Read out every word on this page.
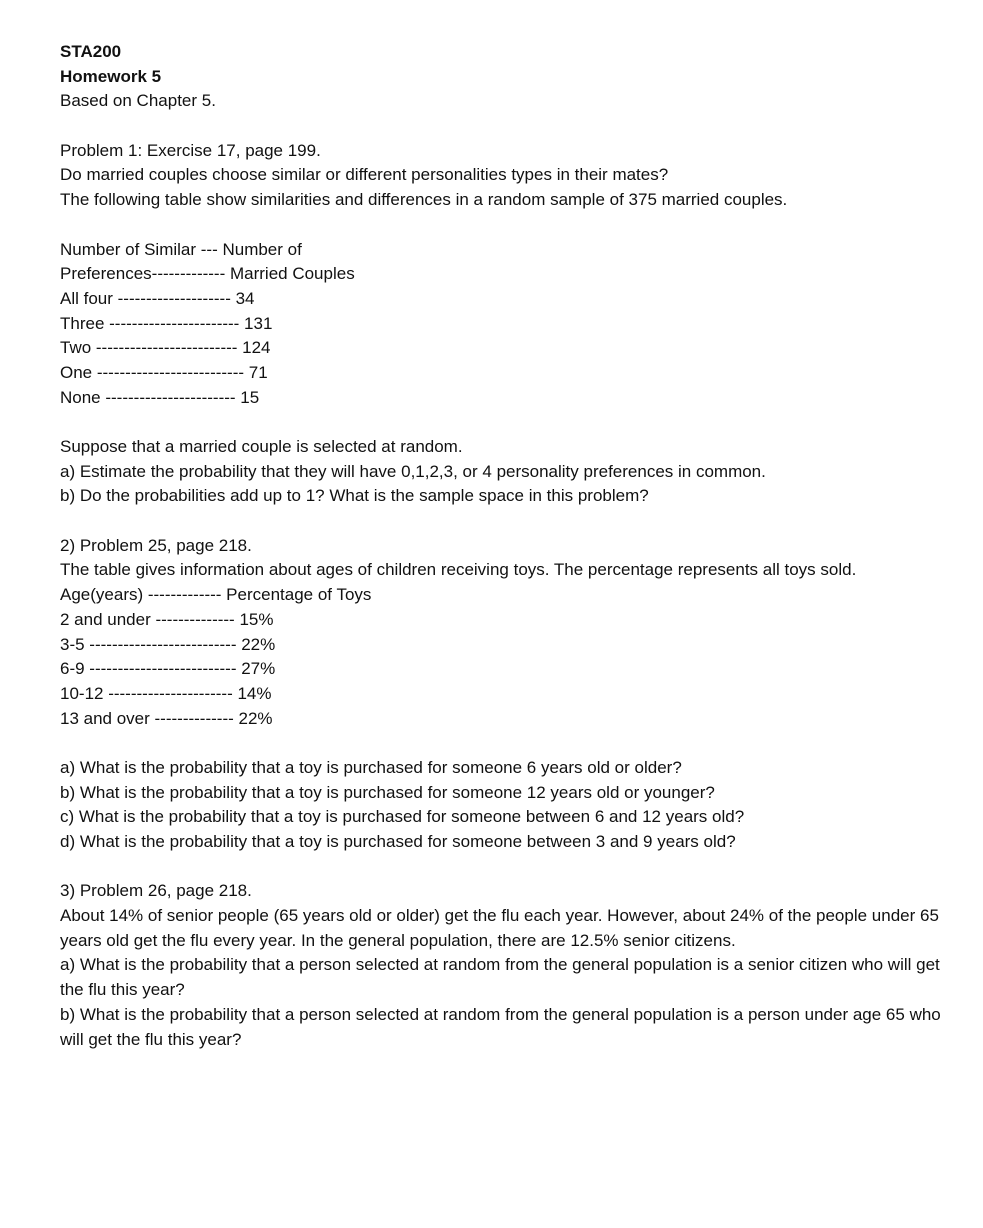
STA200
Homework 5
Based on Chapter 5.
Problem 1: Exercise 17, page 199.
Do married couples choose similar or different personalities types in their mates?
The following table show similarities and differences in a random sample of 375 married couples.
Number of Similar --- Number of
Preferences------------- Married Couples
All four -------------------- 34
Three ----------------------- 131
Two ------------------------- 124
One -------------------------- 71
None ----------------------- 15
Suppose that a married couple is selected at random.
a) Estimate the probability that they will have 0,1,2,3, or 4 personality preferences in common.
b) Do the probabilities add up to 1? What is the sample space in this problem?
2) Problem 25, page 218.
The table gives information about ages of children receiving toys. The percentage represents all toys sold.
Age(years) ------------- Percentage of Toys
2 and under -------------- 15%
3-5 -------------------------- 22%
6-9 -------------------------- 27%
10-12 ---------------------- 14%
13 and over -------------- 22%
a) What is the probability that a toy is purchased for someone 6 years old or older?
b) What is the probability that a toy is purchased for someone 12 years old or younger?
c) What is the probability that a toy is purchased for someone between 6 and 12 years old?
d) What is the probability that a toy is purchased for someone between 3 and 9 years old?
3) Problem 26, page 218.
About 14% of senior people (65 years old or older) get the flu each year. However, about 24% of the people under 65 years old get the flu every year. In the general population, there are 12.5% senior citizens.
a) What is the probability that a person selected at random from the general population is a senior citizen who will get the flu this year?
b) What is the probability that a person selected at random from the general population is a person under age 65 who will get the flu this year?
